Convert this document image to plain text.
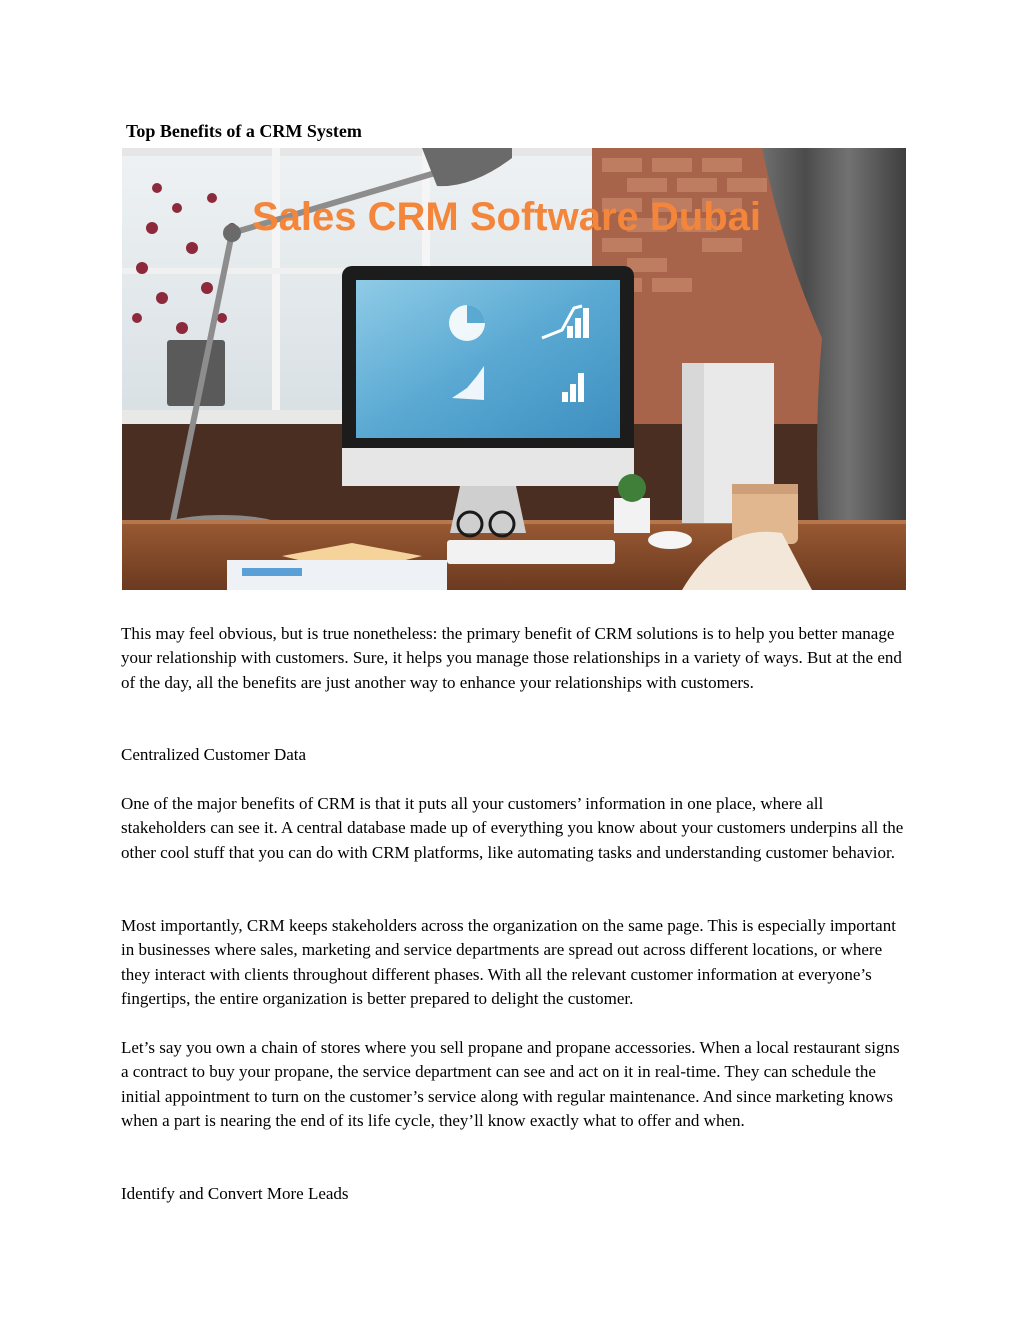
Top Benefits of a CRM System
Sales CRM Software Dubai

This may feel obvious, but is true nonetheless: the primary benefit of CRM solutions is to help you better manage your relationship with customers. Sure, it helps you manage those relationships in a variety of ways. But at the end of the day, all the benefits are just another way to enhance your relationships with customers.

Centralized Customer Data

One of the major benefits of CRM is that it puts all your customers’ information in one place, where all stakeholders can see it. A central database made up of everything you know about your customers underpins all the other cool stuff that you can do with CRM platforms, like automating tasks and understanding customer behavior.

Most importantly, CRM keeps stakeholders across the organization on the same page. This is especially important in businesses where sales, marketing and service departments are spread out across different locations, or where they interact with clients throughout different phases. With all the relevant customer information at everyone’s fingertips, the entire organization is better prepared to delight the customer.

Let’s say you own a chain of stores where you sell propane and propane accessories. When a local restaurant signs a contract to buy your propane, the service department can see and act on it in real-time. They can schedule the initial appointment to turn on the customer’s service along with regular maintenance. And since marketing knows when a part is nearing the end of its life cycle, they’ll know exactly what to offer and when.

Identify and Convert More Leads
